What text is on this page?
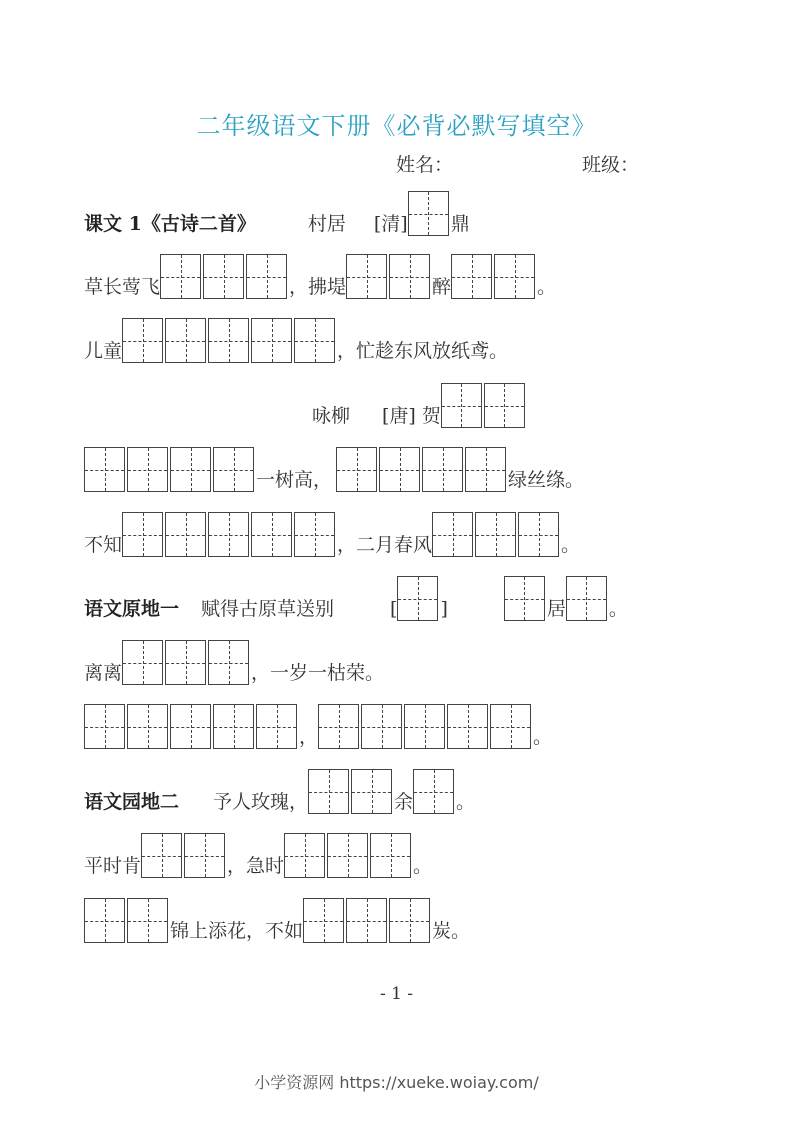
二年级语文下册《必背必默写填空》
姓名：	班级：
课文 1《古诗二首》	村居 [清] 鼎
草长莺飞	，拂堤	醉	。
儿童	，忙趁东风放纸鸢。
咏柳 [唐] 贺
一树高，	绿丝绦。
不知	，二月春风	。
语文原地一 赋得古原草送别	[ ]	居 。
离离	，一岁一枯荣。
，	。
语文园地二 予人玫瑰，	余 。
平时肯	，急时	。
锦上添花，不如	炭。
- 1 -
小学资源网 https://xueke.woiay.com/
